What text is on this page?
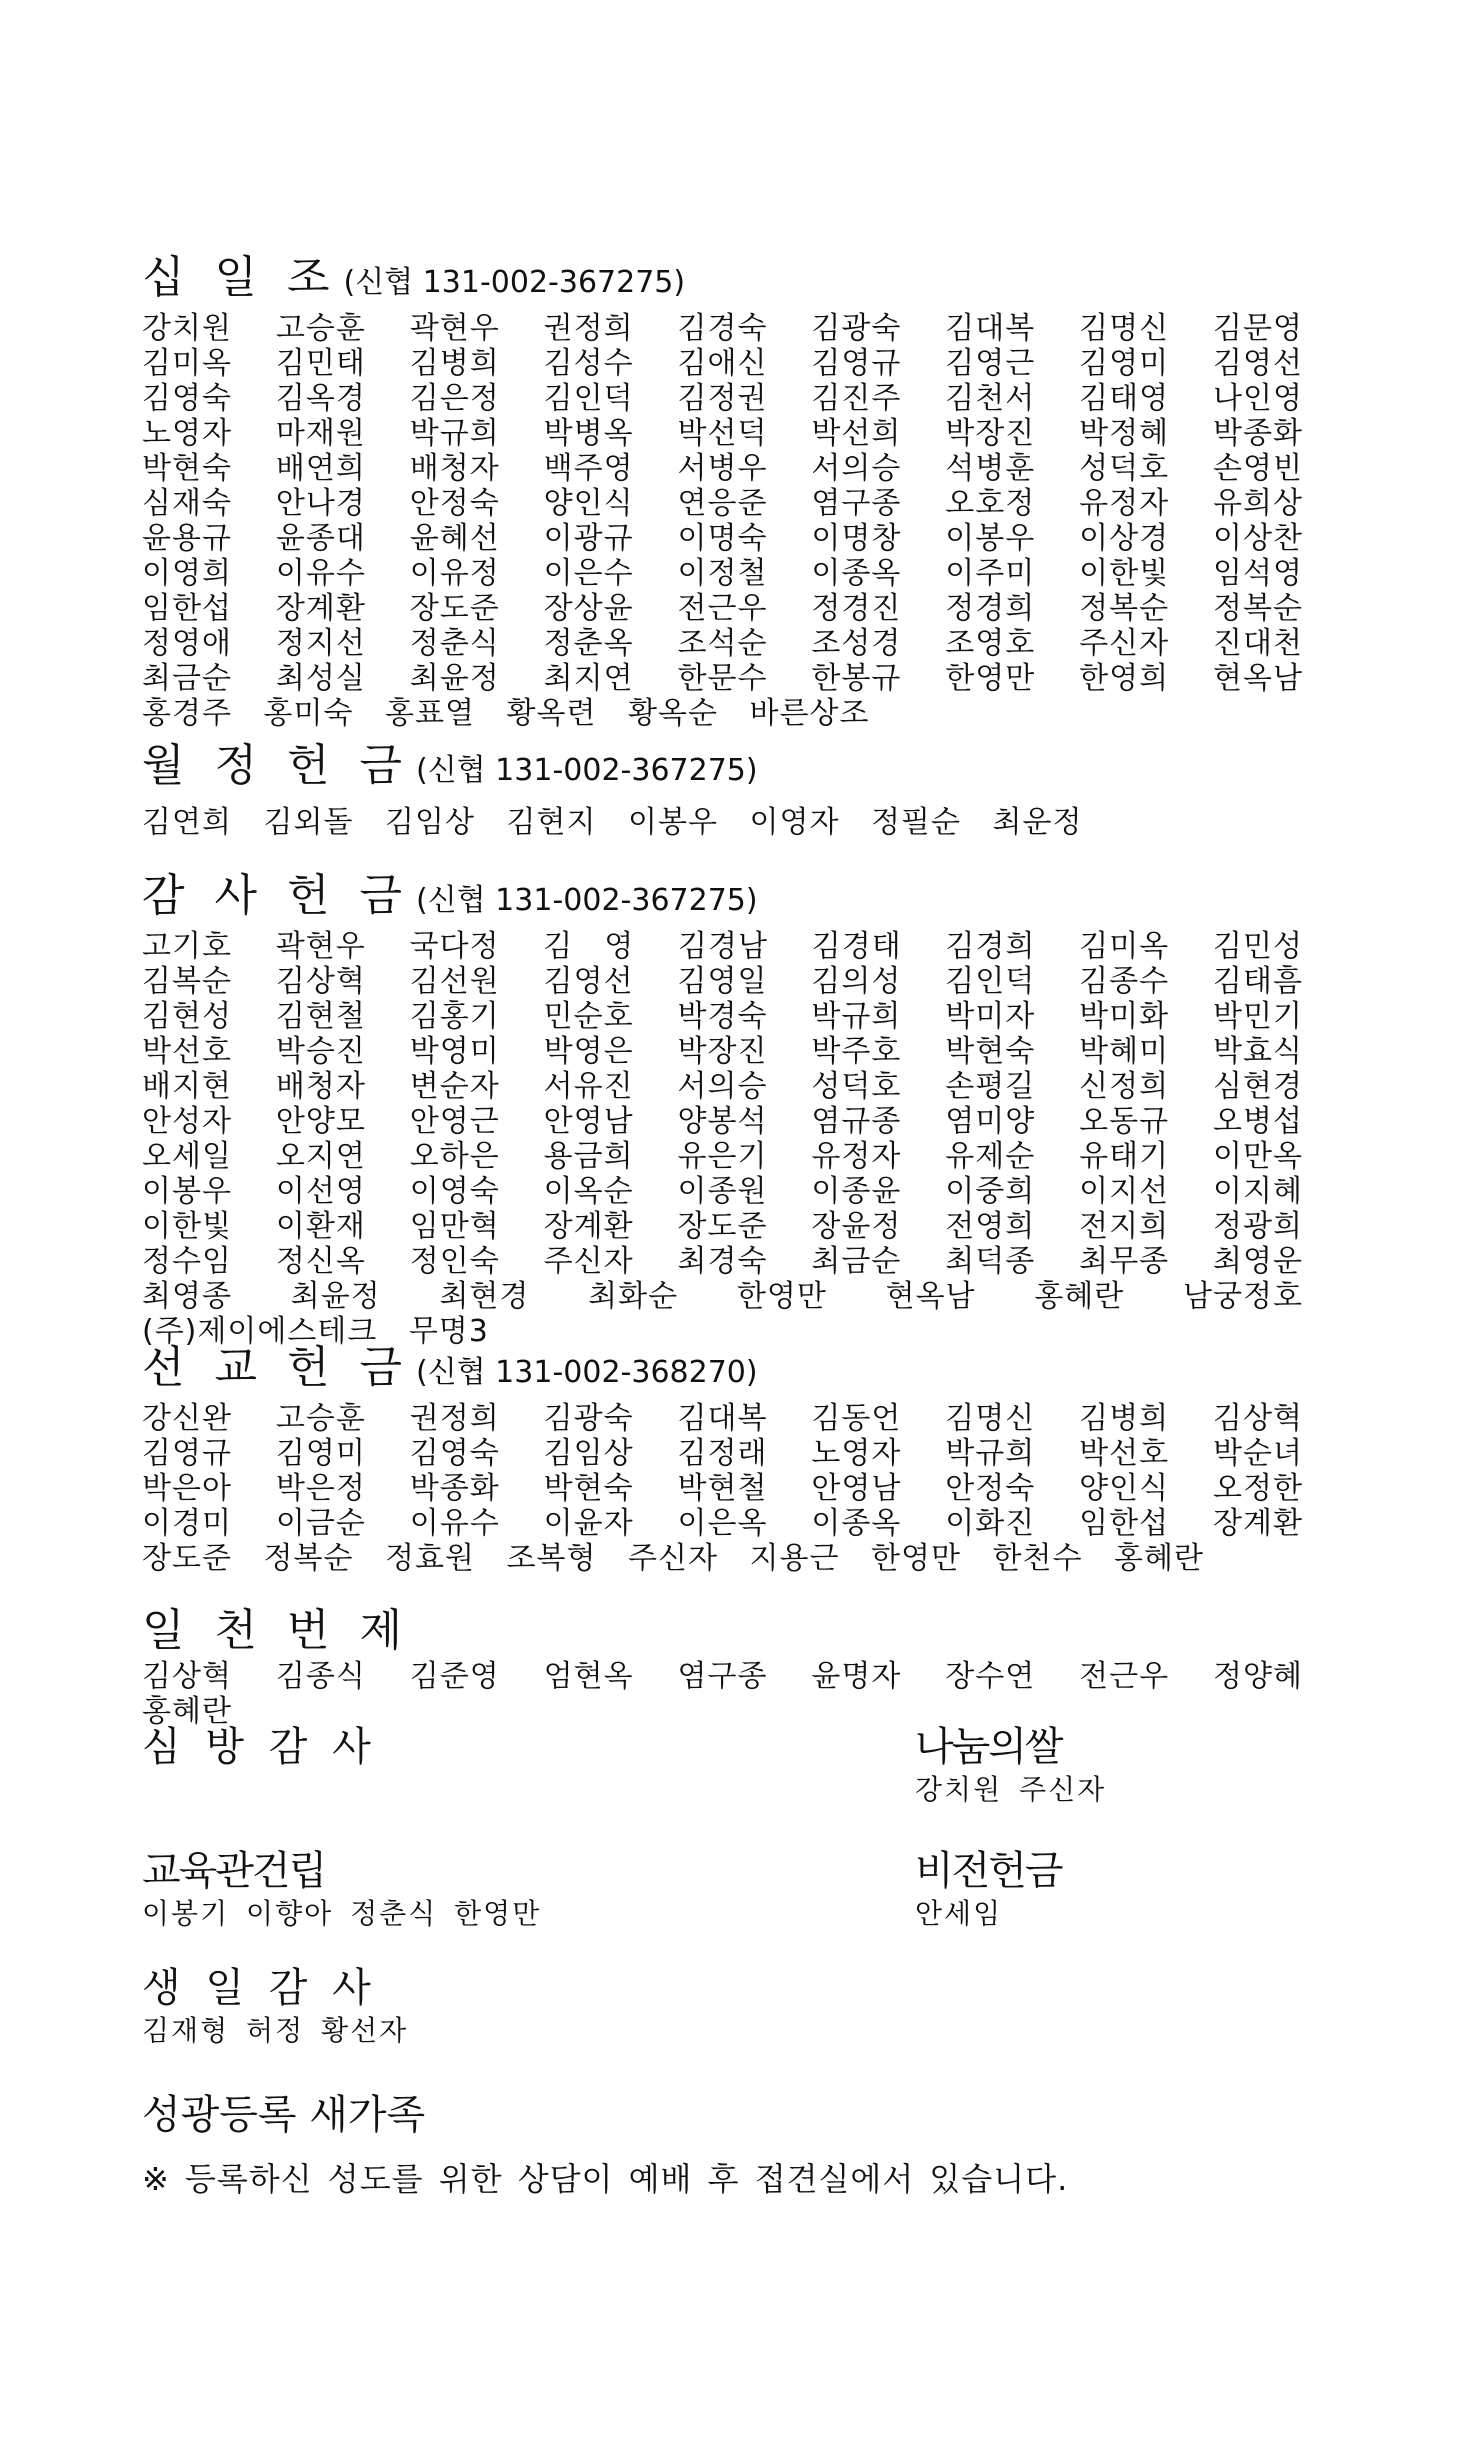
십 일 조 (신협 131-002-367275)
강치원 고승훈 곽현우 권정희 김경숙 김광숙 김대복 김명신 김문영 김미옥 김민태 김병희 김성수 김애신 김영규 김영근 김영미 김영선 김영숙 김옥경 김은정 김인덕 김정권 김진주 김천서 김태영 나인영 노영자 마재원 박규희 박병옥 박선덕 박선희 박장진 박정혜 박종화 박현숙 배연희 배청자 백주영 서병우 서의승 석병훈 성덕호 손영빈 심재숙 안나경 안정숙 양인식 연응준 염구종 오호정 유정자 유희상 윤용규 윤종대 윤혜선 이광규 이명숙 이명창 이봉우 이상경 이상찬 이영희 이유수 이유정 이은수 이정철 이종옥 이주미 이한빛 임석영 임한섭 장계환 장도준 장상윤 전근우 정경진 정경희 정복순 정복순 정영애 정지선 정춘식 정춘옥 조석순 조성경 조영호 주신자 진대천 최금순 최성실 최윤정 최지연 한문수 한봉규 한영만 한영희 현옥남 홍경주 홍미숙 홍표열 황옥련 황옥순 바른상조
월 정 헌 금 (신협 131-002-367275)
김연희 김외돌 김임상 김현지 이봉우 이영자 정필순 최운정
감 사 헌 금 (신협 131-002-367275)
고기호 곽현우 국다정 김　영 김경남 김경태 김경희 김미옥 김민성 김복순 김상혁 김선원 김영선 김영일 김의성 김인덕 김종수 김태흠 김현성 김현철 김홍기 민순호 박경숙 박규희 박미자 박미화 박민기 박선호 박승진 박영미 박영은 박장진 박주호 박현숙 박혜미 박효식 배지현 배청자 변순자 서유진 서의승 성덕호 손평길 신정희 심현경 안성자 안양모 안영근 안영남 양봉석 염규종 염미양 오동규 오병섭 오세일 오지연 오하은 용금희 유은기 유정자 유제순 유태기 이만옥 이봉우 이선영 이영숙 이옥순 이종원 이종윤 이중희 이지선 이지혜 이한빛 이환재 임만혁 장계환 장도준 장윤정 전영희 전지희 정광희 정수임 정신옥 정인숙 주신자 최경숙 최금순 최덕종 최무종 최영운 최영종 최윤정 최현경 최화순 한영만 현옥남 홍혜란 남궁정호 (주)제이에스테크 무명3
선 교 헌 금 (신협 131-002-368270)
강신완 고승훈 권정희 김광숙 김대복 김동언 김명신 김병희 김상혁 김영규 김영미 김영숙 김임상 김정래 노영자 박규희 박선호 박순녀 박은아 박은정 박종화 박현숙 박현철 안영남 안정숙 양인식 오정한 이경미 이금순 이유수 이윤자 이은옥 이종옥 이화진 임한섭 장계환 장도준 정복순 정효원 조복형 주신자 지용근 한영만 한천수 홍혜란
일 천 번 제
김상혁 김종식 김준영 엄현옥 염구종 윤명자 장수연 전근우 정양혜 홍혜란
심 방 감 사	나눔의쌀
강치원 주신자
교육관건립
이봉기 이향아 정춘식 한영만
비전헌금
안세임
생 일 감 사
김재형 허정 황선자
성광등록 새가족
※ 등록하신 성도를 위한 상담이 예배 후 접견실에서 있습니다.
